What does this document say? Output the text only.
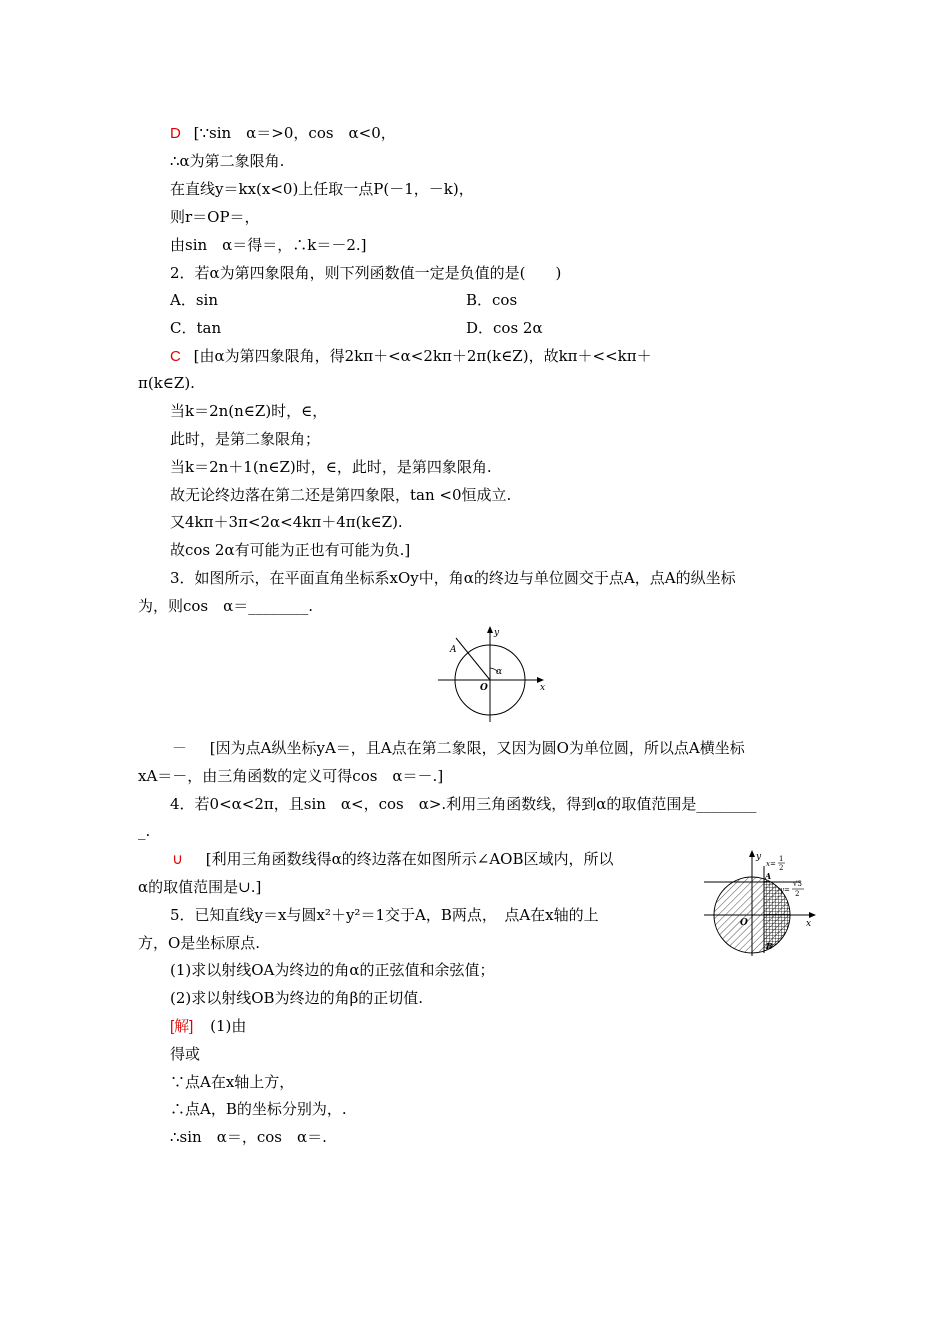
D [∵sin　α＝>0，cos　α<0，
∴α为第二象限角.
在直线y＝kx(x<0)上任取一点P(－1，－k)，
则r＝OP＝，
由sin　α＝得＝，∴k＝－2.]
2．若α为第四象限角，则下列函数值一定是负值的是(　　)
A．sin	B．cos
C．tan	D．cos 2α
C [由α为第四象限角，得2kπ＋<α<2kπ＋2π(k∈Z)，故kπ＋<<kπ＋
π(k∈Z).
当k＝2n(n∈Z)时，∈，
此时，是第二象限角；
当k＝2n＋1(n∈Z)时，∈，此时，是第四象限角.
故无论终边落在第二还是第四象限，tan <0恒成立.
又4kπ＋3π<2α<4kπ＋4π(k∈Z).
故cos 2α有可能为正也有可能为负.]
3．如图所示，在平面直角坐标系xOy中，角α的终边与单位圆交于点A，点A的纵坐标
为，则cos　α＝________.
y
x
O
A
α
－ [因为点A纵坐标yA＝，且A点在第二象限，又因为圆O为单位圆，所以点A横坐标
xA＝－，由三角函数的定义可得cos　α＝－.]
4．若0<α<2π，且sin　α<，cos　α>.利用三角函数线，得到α的取值范围是________
_.
∪ [利用三角函数线得α的终边落在如图所示∠AOB区域内，所以
α的取值范围是∪.]
y
x
O
A
B
x=
1
2
y=
√3
2
5．已知直线y＝x与圆x²＋y²＝1交于A，B两点，　点A在x轴的上
方，O是坐标原点.
(1)求以射线OA为终边的角α的正弦值和余弦值；
(2)求以射线OB为终边的角β的正切值.
[解] (1)由
得或
∵点A在x轴上方，
∴点A，B的坐标分别为，.
∴sin　α＝，cos　α＝.
